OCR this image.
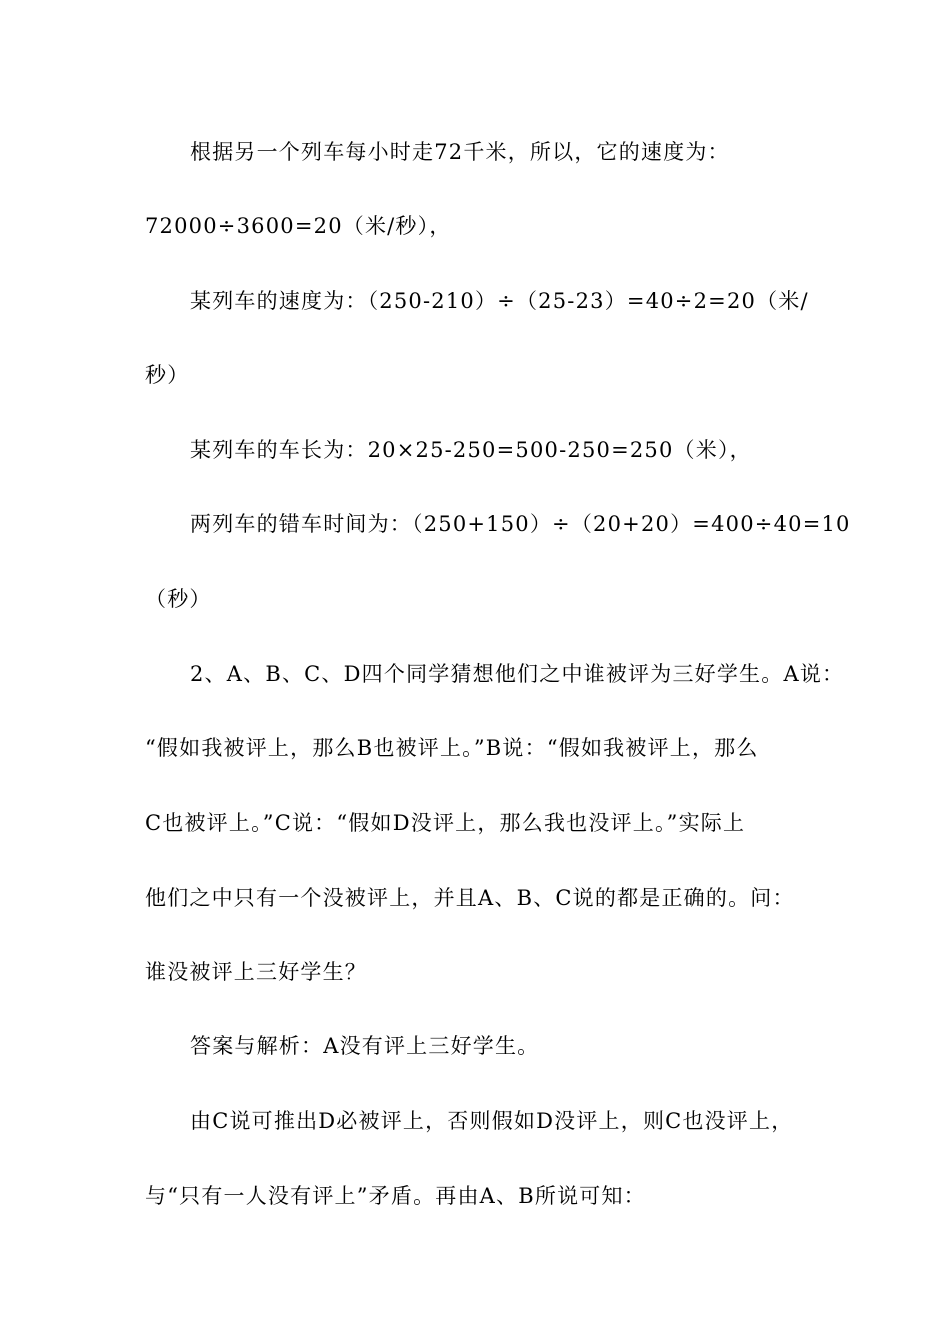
根据另一个列车每小时走72千米，所以，它的速度为：
72000÷3600=20（米/秒），
某列车的速度为：（250-210）÷（25-23）=40÷2=20（米/
秒）
某列车的车长为：20×25-250=500-250=250（米），
两列车的错车时间为：（250+150）÷（20+20）=400÷40=10
（秒）
2、A、B、C、D四个同学猜想他们之中谁被评为三好学生。A说：
“假如我被评上，那么B也被评上。”B说：“假如我被评上，那么
C也被评上。”C说：“假如D没评上，那么我也没评上。”实际上
他们之中只有一个没被评上，并且A、B、C说的都是正确的。问：
谁没被评上三好学生？
答案与解析：A没有评上三好学生。
由C说可推出D必被评上，否则假如D没评上，则C也没评上，
与“只有一人没有评上”矛盾。再由A、B所说可知：
